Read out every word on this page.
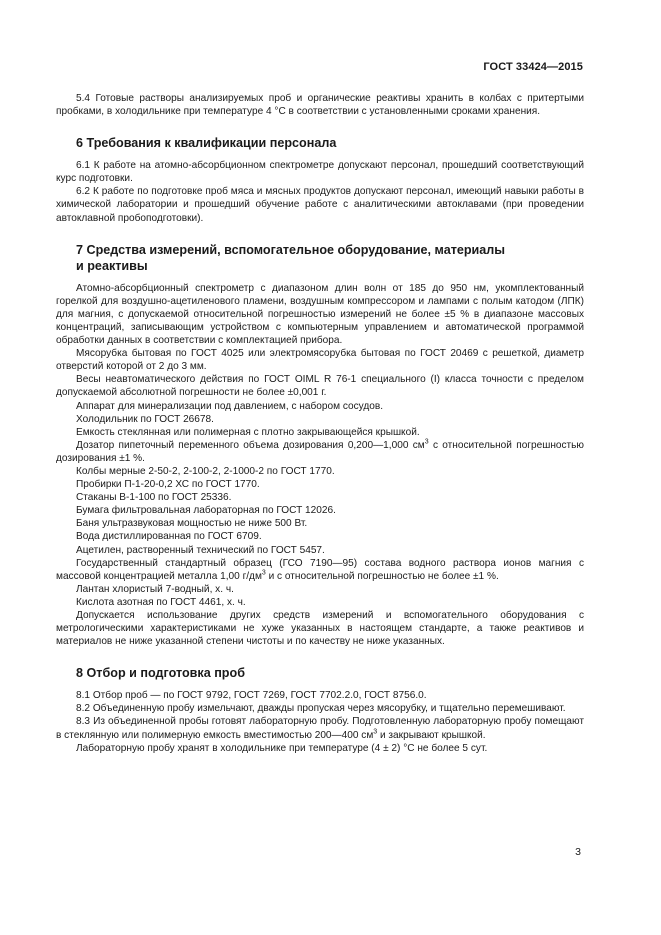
ГОСТ 33424—2015

5.4 Готовые растворы анализируемых проб и органические реактивы хранить в колбах с притертыми пробками, в холодильнике при температуре 4 °С в соответствии с установленными сроками хранения.

6 Требования к квалификации персонала

6.1 К работе на атомно-абсорбционном спектрометре допускают персонал, прошедший соответствующий курс подготовки.

6.2 К работе по подготовке проб мяса и мясных продуктов допускают персонал, имеющий навыки работы в химической лаборатории и прошедший обучение работе с аналитическими автоклавами (при проведении автоклавной пробоподготовки).

7 Средства измерений, вспомогательное оборудование, материалы

и реактивы

Атомно-абсорбционный спектрометр с диапазоном длин волн от 185 до 950 нм, укомплектованный горелкой для воздушно-ацетиленового пламени, воздушным компрессором и лампами с полым катодом (ЛПК) для магния, с допускаемой относительной погрешностью измерений не более ±5 % в диапазоне массовых концентраций, записывающим устройством с компьютерным управлением и автоматической программой обработки данных в соответствии с комплектацией прибора.

Мясорубка бытовая по ГОСТ 4025 или электромясорубка бытовая по ГОСТ 20469 с решеткой, диаметр отверстий которой от 2 до 3 мм.

Весы неавтоматического действия по ГОСТ OIML R 76-1 специального (I) класса точности с пределом допускаемой абсолютной погрешности не более ±0,001 г.

Аппарат для минерализации под давлением, с набором сосудов.

Холодильник по ГОСТ 26678.

Емкость стеклянная или полимерная с плотно закрывающейся крышкой.

Дозатор пипеточный переменного объема дозирования 0,200—1,000 $см^3$ с относительной погрешностью дозирования ±1 %.

Колбы мерные 2-50-2, 2-100-2, 2-1000-2 по ГОСТ 1770.

Пробирки П-1-20-0,2 ХС по ГОСТ 1770.

Стаканы В-1-100 по ГОСТ 25336.

Бумага фильтровальная лабораторная по ГОСТ 12026.

Баня ультразвуковая мощностью не ниже 500 Вт.

Вода дистиллированная по ГОСТ 6709.

Ацетилен, растворенный технический по ГОСТ 5457.

Государственный стандартный образец (ГСО 7190—95) состава водного раствора ионов магния с массовой концентрацией металла 1,00 $г/дм^3$ и с относительной погрешностью не более ±1 %.

Лантан хлористый 7-водный, х. ч.

Кислота азотная по ГОСТ 4461, х. ч.

Допускается использование других средств измерений и вспомогательного оборудования с метрологическими характеристиками не хуже указанных в настоящем стандарте, а также реактивов и материалов не ниже указанной степени чистоты и по качеству не ниже указанных.

8 Отбор и подготовка проб

8.1 Отбор проб — по ГОСТ 9792, ГОСТ 7269, ГОСТ 7702.2.0, ГОСТ 8756.0.

8.2 Объединенную пробу измельчают, дважды пропуская через мясорубку, и тщательно перемешивают.

8.3 Из объединенной пробы готовят лабораторную пробу. Подготовленную лабораторную пробу помещают в стеклянную или полимерную емкость вместимостью 200—400 $см^3$ и закрывают крышкой.

Лабораторную пробу хранят в холодильнике при температуре (4 ± 2) °С не более 5 сут.

3
